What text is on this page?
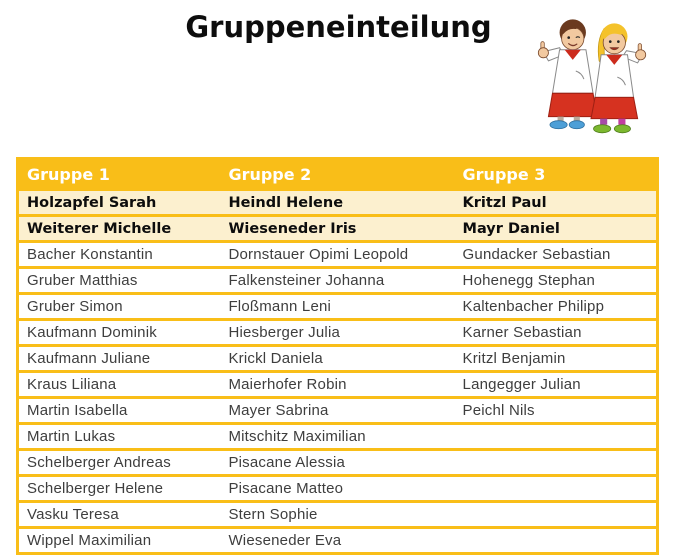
Gruppeneinteilung
Gruppe 1	Gruppe 2	Gruppe 3
Holzapfel Sarah	Heindl Helene	Kritzl Paul
Weiterer Michelle	Wieseneder Iris	Mayr Daniel
Bacher Konstantin	Dornstauer Opimi Leopold	Gundacker Sebastian
Gruber Matthias	Falkensteiner Johanna	Hohenegg Stephan
Gruber Simon	Floßmann Leni	Kaltenbacher Philipp
Kaufmann Dominik	Hiesberger Julia	Karner Sebastian
Kaufmann Juliane	Krickl Daniela	Kritzl Benjamin
Kraus Liliana	Maierhofer Robin	Langegger Julian
Martin Isabella	Mayer Sabrina	Peichl Nils
Martin Lukas	Mitschitz Maximilian	
Schelberger Andreas	Pisacane Alessia	
Schelberger Helene	Pisacane Matteo	
Vasku Teresa	Stern Sophie	
Wippel Maximilian	Wieseneder Eva	
